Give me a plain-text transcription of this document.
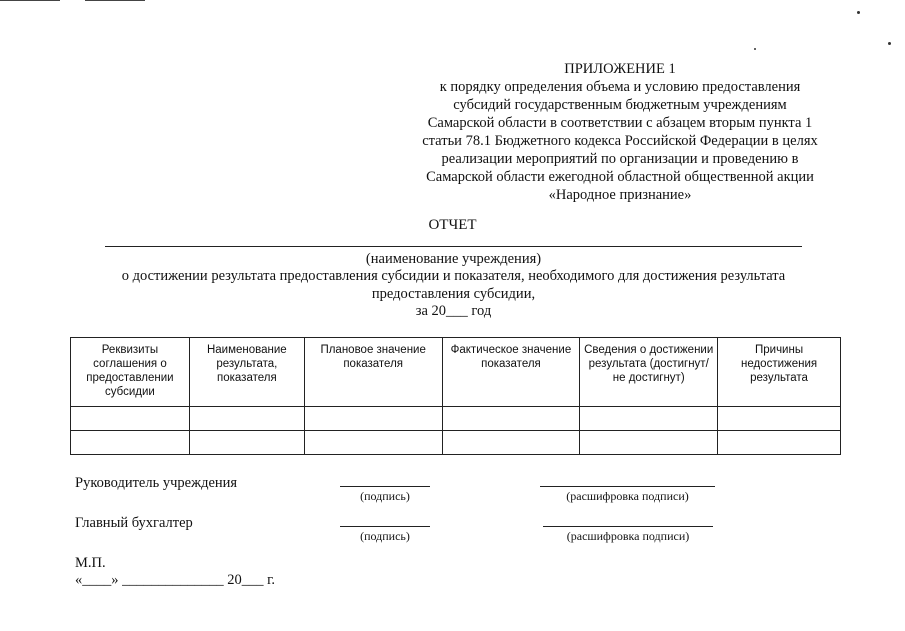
ПРИЛОЖЕНИЕ 1
к порядку определения объема и условию предоставления
субсидий государственным бюджетным учреждениям
Самарской области в соответствии с абзацем вторым пункта 1
статьи 78.1 Бюджетного кодекса Российской Федерации в целях
реализации мероприятий по организации и проведению в
Самарской области ежегодной областной общественной акции
«Народное признание»
ОТЧЕТ
(наименование учреждения)
о достижении результата предоставления субсидии и показателя, необходимого для достижения результата
предоставления субсидии,
за 20___ год
Реквизиты соглашения о предоставлении субсидии	Наименование результата, показателя	Плановое значение показателя	Фактическое значение показателя	Сведения о достижении результата (достигнут/ не достигнут)	Причины недостижения результата

Руководитель учреждения
(подпись)	(расшифровка подписи)
Главный бухгалтер
(подпись)	(расшифровка подписи)
М.П.
«____» ______________ 20___ г.
